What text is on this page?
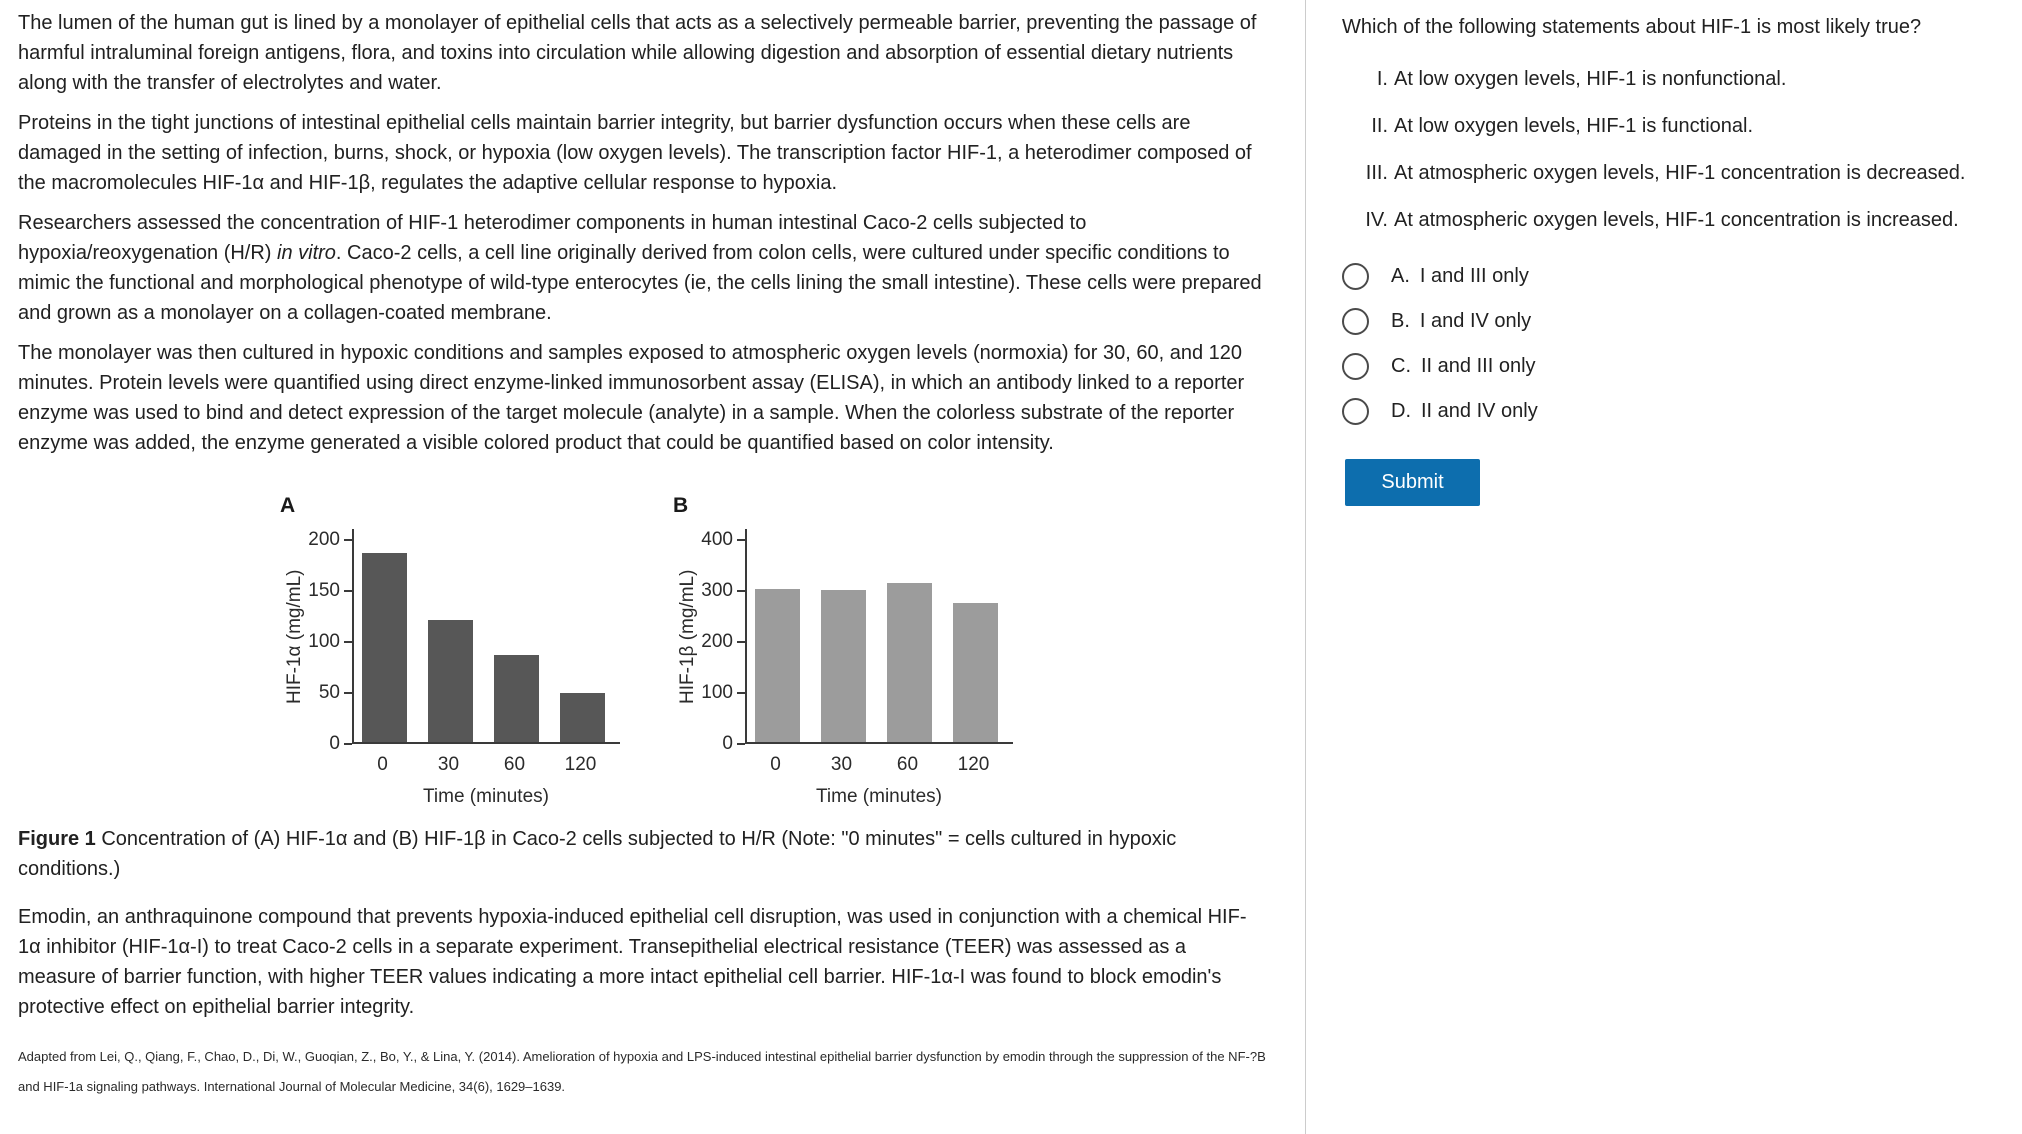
The lumen of the human gut is lined by a monolayer of epithelial cells that acts as a selectively permeable barrier, preventing the passage of harmful intraluminal foreign antigens, flora, and toxins into circulation while allowing digestion and absorption of essential dietary nutrients along with the transfer of electrolytes and water.

Proteins in the tight junctions of intestinal epithelial cells maintain barrier integrity, but barrier dysfunction occurs when these cells are damaged in the setting of infection, burns, shock, or hypoxia (low oxygen levels). The transcription factor HIF-1, a heterodimer composed of the macromolecules HIF-1α and HIF-1β, regulates the adaptive cellular response to hypoxia.

Researchers assessed the concentration of HIF-1 heterodimer components in human intestinal Caco-2 cells subjected to hypoxia/reoxygenation (H/R) in vitro. Caco-2 cells, a cell line originally derived from colon cells, were cultured under specific conditions to mimic the functional and morphological phenotype of wild-type enterocytes (ie, the cells lining the small intestine). These cells were prepared and grown as a monolayer on a collagen-coated membrane.

The monolayer was then cultured in hypoxic conditions and samples exposed to atmospheric oxygen levels (normoxia) for 30, 60, and 120 minutes. Protein levels were quantified using direct enzyme-linked immunosorbent assay (ELISA), in which an antibody linked to a reporter enzyme was used to bind and detect expression of the target molecule (analyte) in a sample. When the colorless substrate of the reporter enzyme was added, the enzyme generated a visible colored product that could be quantified based on color intensity.

A
HIF-1α (mg/mL)
0
50
100
150
200
0	30 60 120
Time (minutes)
B
HIF-1β (mg/mL)
0
100
200
300
400
0	30 60 120
Time (minutes)
Figure 1 Concentration of (A) HIF-1α and (B) HIF-1β in Caco-2 cells subjected to H/R (Note: "0 minutes" = cells cultured in hypoxic conditions.)

Emodin, an anthraquinone compound that prevents hypoxia-induced epithelial cell disruption, was used in conjunction with a chemical HIF-1α inhibitor (HIF-1α-I) to treat Caco-2 cells in a separate experiment. Transepithelial electrical resistance (TEER) was assessed as a measure of barrier function, with higher TEER values indicating a more intact epithelial cell barrier. HIF-1α-I was found to block emodin's protective effect on epithelial barrier integrity.

Adapted from Lei, Q., Qiang, F., Chao, D., Di, W., Guoqian, Z., Bo, Y., & Lina, Y. (2014). Amelioration of hypoxia and LPS-induced intestinal epithelial barrier dysfunction by emodin through the suppression of the NF-?B and HIF-1a signaling pathways. International Journal of Molecular Medicine, 34(6), 1629–1639.
Which of the following statements about HIF-1 is most likely true?
I. At low oxygen levels, HIF-1 is nonfunctional.
II. At low oxygen levels, HIF-1 is functional.
III. At atmospheric oxygen levels, HIF-1 concentration is decreased.
IV. At atmospheric oxygen levels, HIF-1 concentration is increased.
A. I and III only
B. I and IV only
C. II and III only
D. II and IV only
Submit
